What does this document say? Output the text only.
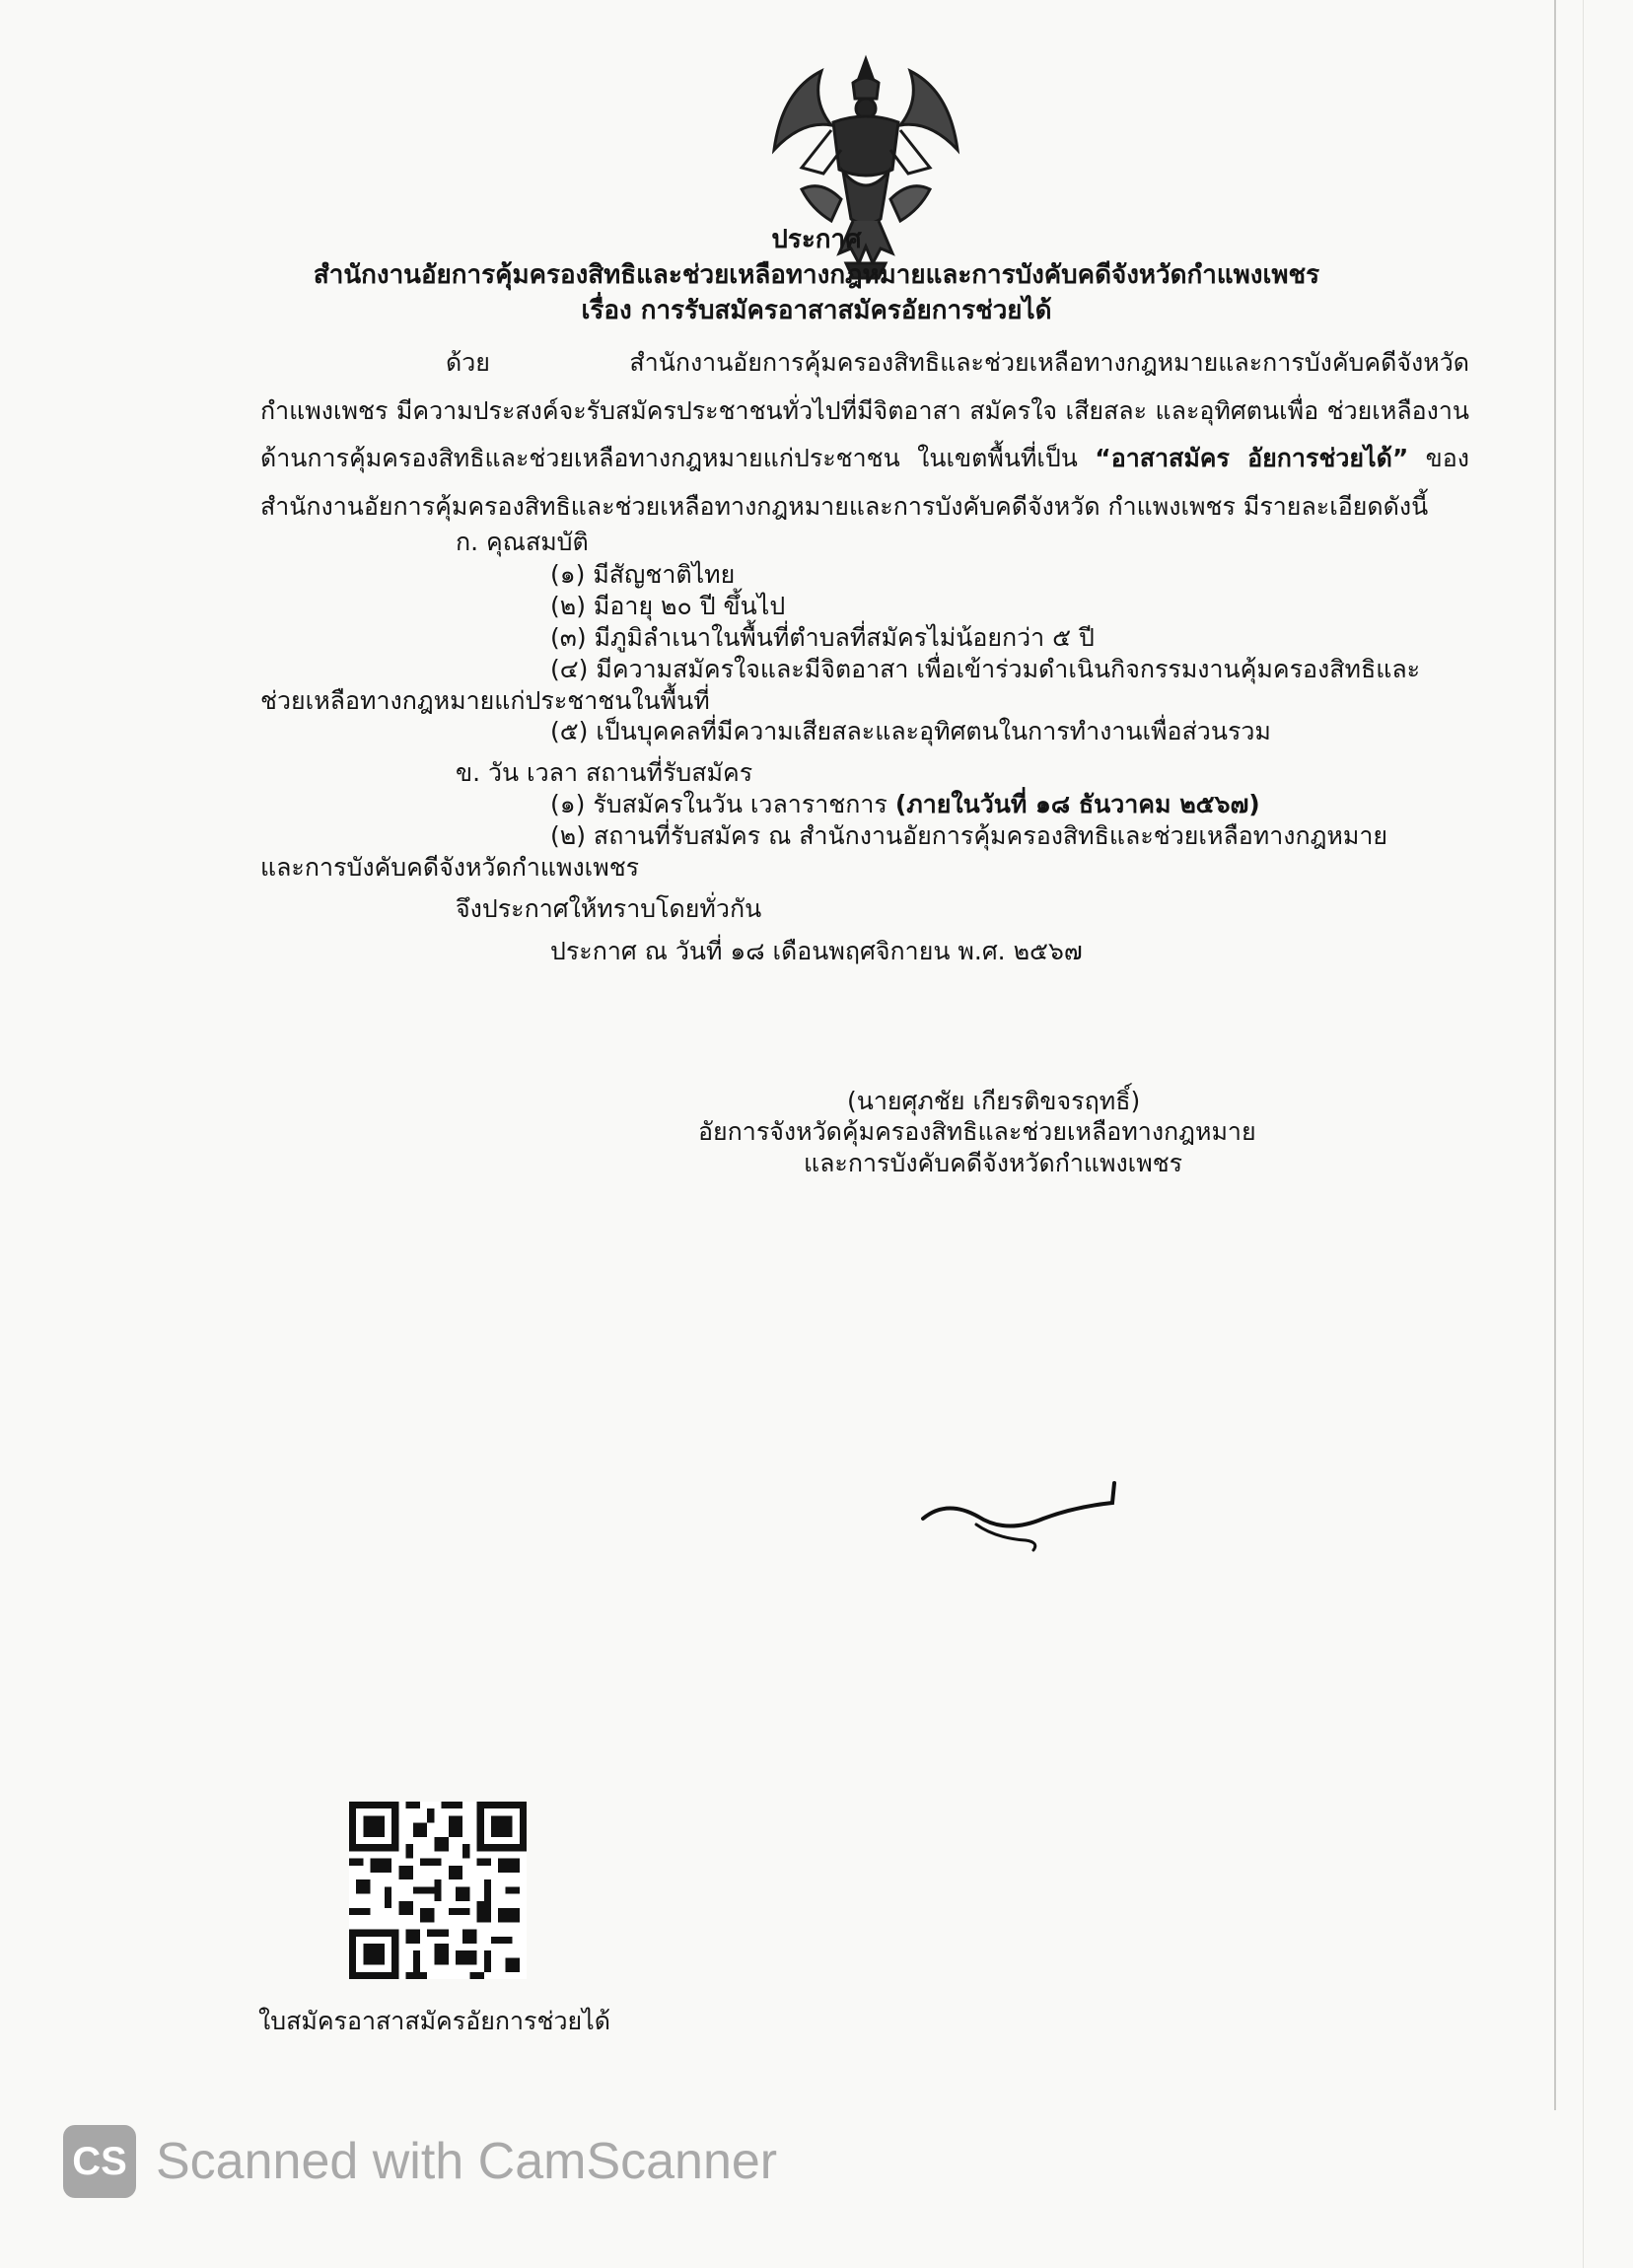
ประกาศ
สำนักงานอัยการคุ้มครองสิทธิและช่วยเหลือทางกฎหมายและการบังคับคดีจังหวัดกำแพงเพชร
เรื่อง การรับสมัครอาสาสมัครอัยการช่วยได้
ด้วย สำนักงานอัยการคุ้มครองสิทธิและช่วยเหลือทางกฎหมายและการบังคับคดีจังหวัด กำแพงเพชร มีความประสงค์จะรับสมัครประชาชนทั่วไปที่มีจิตอาสา สมัครใจ เสียสละ และอุทิศตนเพื่อ ช่วยเหลืองานด้านการคุ้มครองสิทธิและช่วยเหลือทางกฎหมายแก่ประชาชน ในเขตพื้นที่เป็น “อาสาสมัคร อัยการช่วยได้” ของสำนักงานอัยการคุ้มครองสิทธิและช่วยเหลือทางกฎหมายและการบังคับคดีจังหวัด กำแพงเพชร มีรายละเอียดดังนี้
ก. คุณสมบัติ
(๑) มีสัญชาติไทย
(๒) มีอายุ ๒๐ ปี ขึ้นไป
(๓) มีภูมิลำเนาในพื้นที่ตำบลที่สมัครไม่น้อยกว่า ๕ ปี
(๔) มีความสมัครใจและมีจิตอาสา เพื่อเข้าร่วมดำเนินกิจกรรมงานคุ้มครองสิทธิและ
ช่วยเหลือทางกฎหมายแก่ประชาชนในพื้นที่
(๕) เป็นบุคคลที่มีความเสียสละและอุทิศตนในการทำงานเพื่อส่วนรวม
ข. วัน เวลา สถานที่รับสมัคร
(๑) รับสมัครในวัน เวลาราชการ (ภายในวันที่ ๑๘ ธันวาคม ๒๕๖๗)
(๒) สถานที่รับสมัคร ณ สำนักงานอัยการคุ้มครองสิทธิและช่วยเหลือทางกฎหมาย
และการบังคับคดีจังหวัดกำแพงเพชร
จึงประกาศให้ทราบโดยทั่วกัน
ประกาศ ณ วันที่ ๑๘ เดือนพฤศจิกายน พ.ศ. ๒๕๖๗
(นายศุภชัย เกียรติขจรฤทธิ์)
อัยการจังหวัดคุ้มครองสิทธิและช่วยเหลือทางกฎหมาย
และการบังคับคดีจังหวัดกำแพงเพชร
ใบสมัครอาสาสมัครอัยการช่วยได้
CS Scanned with CamScanner
